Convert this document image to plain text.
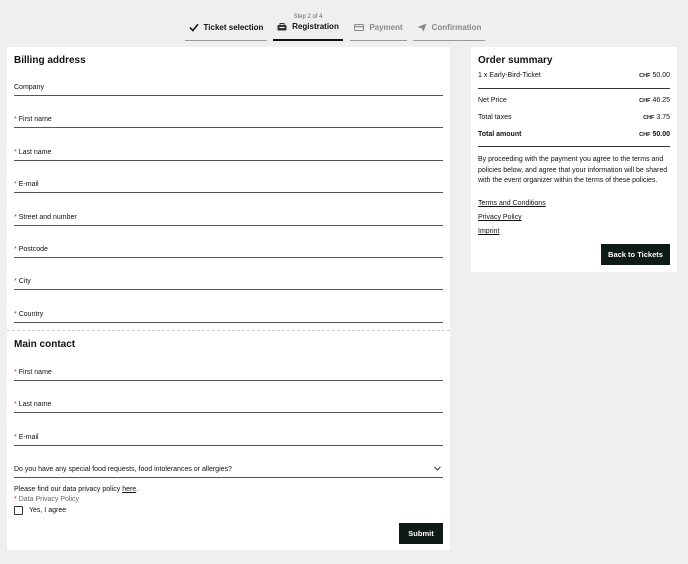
Ticket selection
Step 2 of 4
Registration	Payment	Confirmation
Billing address
Company
* First name
* Last name
* E-mail
* Street and number
* Postcode
* City
* Country
Main contact
* First name
* Last name
* E-mail
Do you have any special food requests, food intolerances or allergies?
Please find our data privacy policy here.
* Data Privacy Policy
Yes, I agree
Submit
Order summary
1 x Early-Bird-Ticket	CHF 50.00
Net Price	CHF 46.25
Total taxes	CHF 3.75
Total amount	CHF 50.00
By proceeding with the payment you agree to the terms and policies below, and agree that your information will be shared with the event organizer within the terms of these policies.
Terms and Conditions
Privacy Policy
Imprint
Back to Tickets
